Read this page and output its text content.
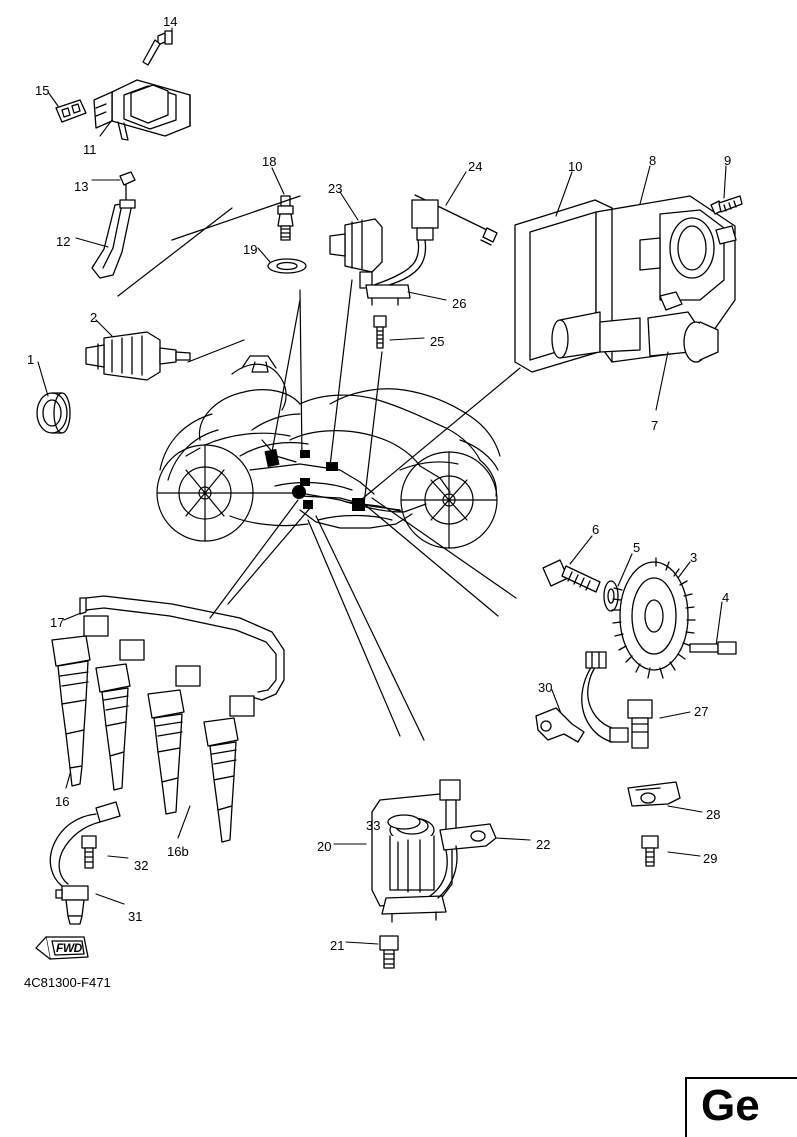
1
2
3
4
5
6
7
8	9
10
11
12
13
14
15
16
16b
17
18
19
20
21
22
23
24
25
26
27
28
29
30
31
32
33
FWD
4C81300-F471
Ge
